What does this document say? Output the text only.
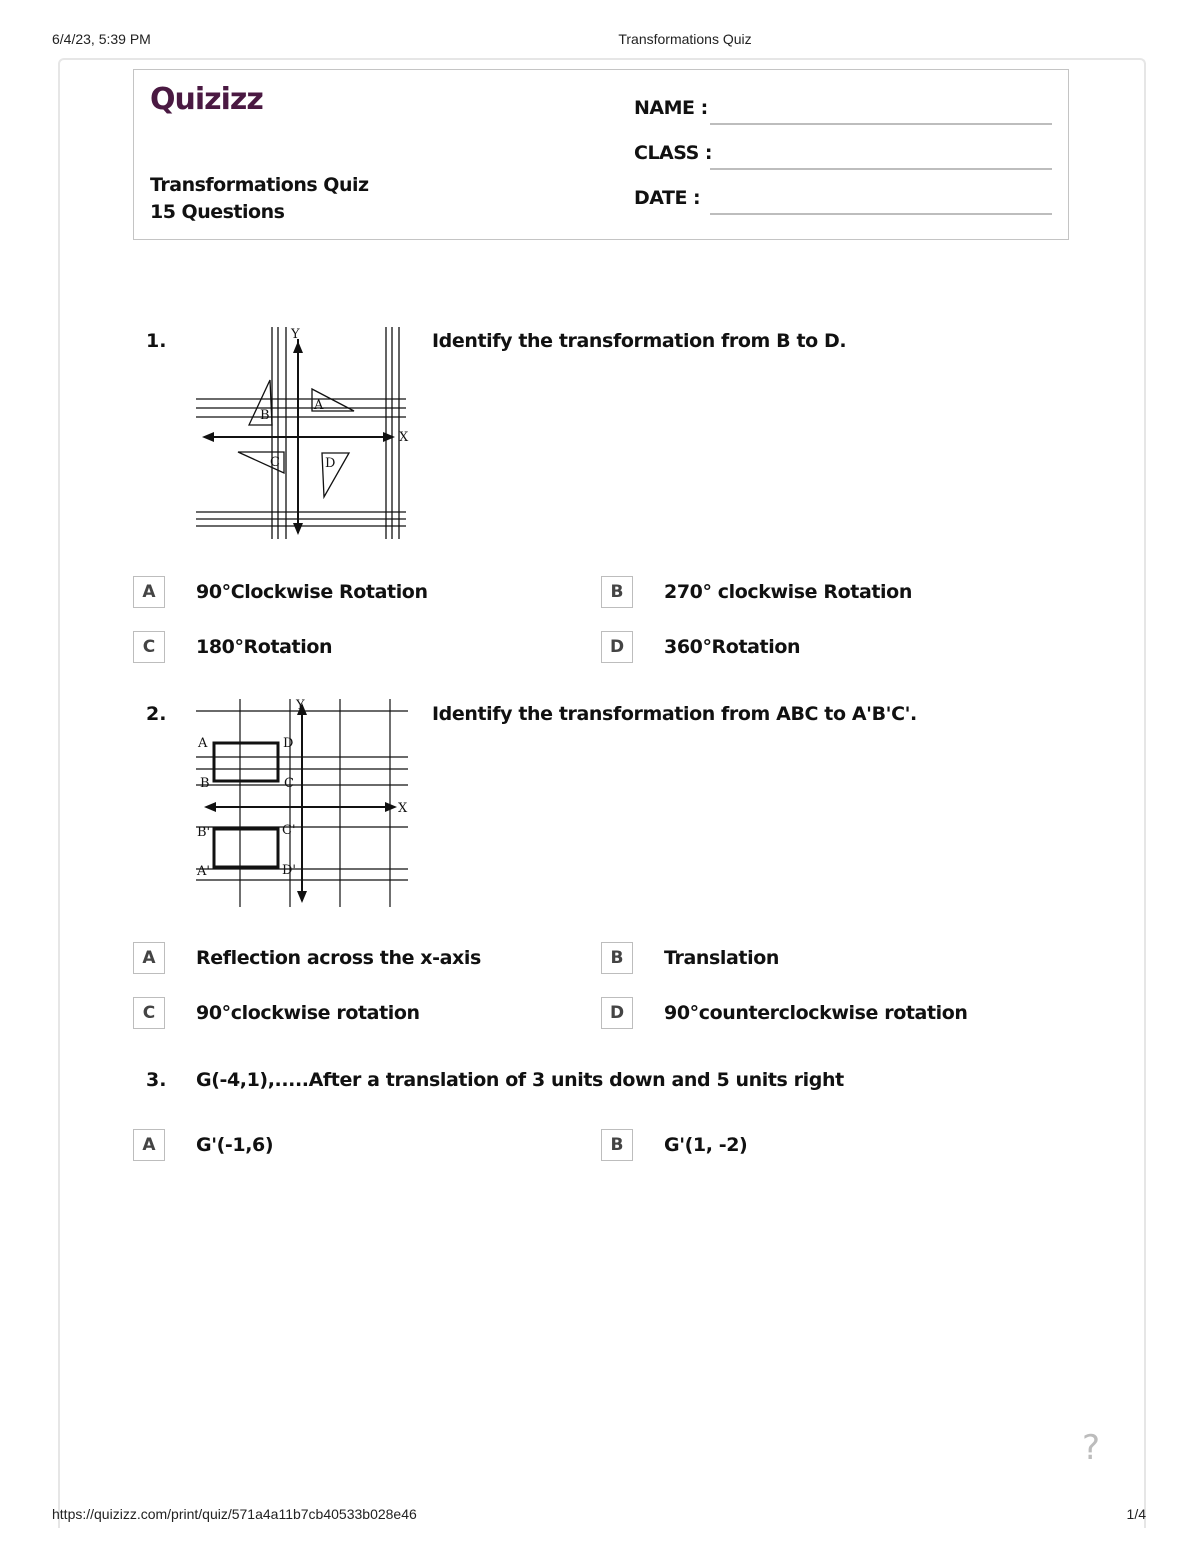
6/4/23, 5:39 PM	Transformations Quiz
Quizizz
Transformations Quiz
15 Questions
NAME :
CLASS :
DATE :
1.	Y
X
A
B
C	D
Identify the transformation from B to D.
A	90°Clockwise Rotation	B	270° clockwise Rotation
C	180°Rotation	D	360°Rotation
2.	Y
X
A	D
B	C
B'	C'
A'	D'
Identify the transformation from ABC to A'B'C'.
A	Reflection across the x-axis	B	Translation
C	90°clockwise rotation	D	90°counterclockwise rotation
3. G(-4,1),.....After a translation of 3 units down and 5 units right
A	G'(-1,6)	B	G'(1, -2)
?
https://quizizz.com/print/quiz/571a4a11b7cb40533b028e46	1/4
